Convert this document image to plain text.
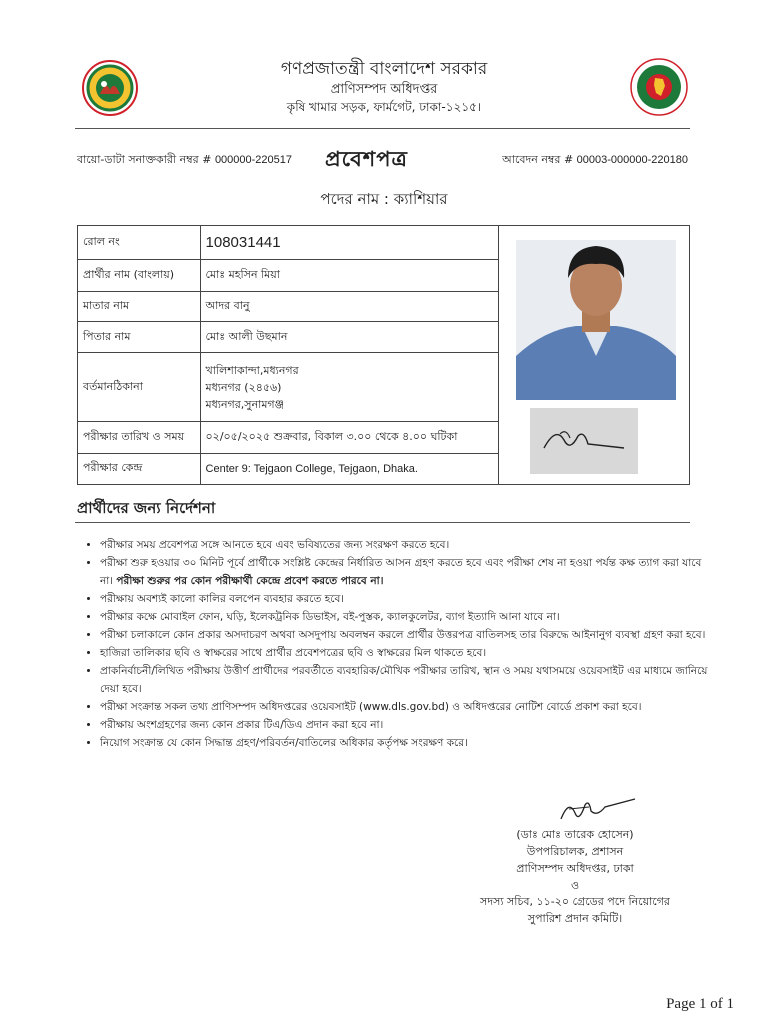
গণপ্রজাতন্ত্রী বাংলাদেশ সরকার
প্রাণিসম্পদ অধিদপ্তর
কৃষি খামার সড়ক, ফার্মগেট, ঢাকা-১২১৫।
বায়ো-ডাটা সনাক্তকারী নম্বর # 000000-220517 প্রবেশপত্র	আবেদন নম্বর # 00003-000000-220180
পদের নাম : ক্যাশিয়ার
রোল নং	108031441	

প্রার্থীর নাম (বাংলায়)	মোঃ মহসিন মিয়া	
মাতার নাম	আদর বানু	
পিতার নাম	মোঃ আলী উছমান	
বর্তমানঠিকানা	খালিশাকান্দা,মধ্যনগর
মধ্যনগর (২৪৫৬)
মধ্যনগর,সুনামগঞ্জ	

পরীক্ষার তারিখ ও সময়	০২/০৫/২০২৫ শুক্রবার, বিকাল ৩.০০ থেকে ৪.০০ ঘটিকা	
পরীক্ষার কেন্দ্র	Center 9: Tejgaon College, Tejgaon, Dhaka.	
প্রার্থীদের জন্য নির্দেশনা
• পরীক্ষার সময় প্রবেশপত্র সঙ্গে আনতে হবে এবং ভবিষ্যতের জন্য সংরক্ষণ করতে হবে।
• পরীক্ষা শুরু হওয়ার ৩০ মিনিট পূর্বে প্রার্থীকে সংশ্লিষ্ট কেন্দ্রের নির্ধারিত আসন গ্রহণ করতে হবে এবং পরীক্ষা শেষ না হওয়া পর্যন্ত কক্ষ ত্যাগ করা যাবে না। পরীক্ষা শুরুর পর কোন পরীক্ষার্থী কেন্দ্রে প্রবেশ করতে পারবে না।
• পরীক্ষায় অবশ্যই কালো কালির বলপেন ব্যবহার করতে হবে।
• পরীক্ষার কক্ষে মোবাইল ফোন, ঘড়ি, ইলেকট্রনিক ডিভাইস, বই-পুস্তক, ক্যালকুলেটর, ব্যাগ ইত্যাদি আনা যাবে না।
• পরীক্ষা চলাকালে কোন প্রকার অসদাচরণ অথবা অসদুপায় অবলম্বন করলে প্রার্থীর উত্তরপত্র বাতিলসহ তার বিরুদ্ধে আইনানুগ ব্যবস্থা গ্রহণ করা হবে।
• হাজিরা তালিকার ছবি ও স্বাক্ষরের সাথে প্রার্থীর প্রবেশপত্রের ছবি ও স্বাক্ষরের মিল থাকতে হবে।
• প্রাকনির্বাচনী/লিখিত পরীক্ষায় উত্তীর্ণ প্রার্থীদের পরবর্তীতে ব্যবহারিক/মৌখিক পরীক্ষার তারিখ, স্থান ও সময় যথাসময়ে ওয়েবসাইট এর মাধ্যমে জানিয়ে দেয়া হবে।
• পরীক্ষা সংক্রান্ত সকল তথ্য প্রাণিসম্পদ অধিদপ্তরের ওয়েবসাইট (www.dls.gov.bd) ও অধিদপ্তরের নোটিশ বোর্ডে প্রকাশ করা হবে।
• পরীক্ষায় অংশগ্রহণের জন্য কোন প্রকার টিএ/ডিএ প্রদান করা হবে না।
• নিয়োগ সংক্রান্ত যে কোন সিদ্ধান্ত গ্রহণ/পরিবর্তন/বাতিলের অধিকার কর্তৃপক্ষ সংরক্ষণ করে।
(ডাঃ মোঃ তারেক হোসেন)
উপপরিচালক, প্রশাসন
প্রাণিসম্পদ অধিদপ্তর, ঢাকা
ও
সদস্য সচিব, ১১-২০ গ্রেডের পদে নিয়োগের
সুপারিশ প্রদান কমিটি।
Page 1 of 1
